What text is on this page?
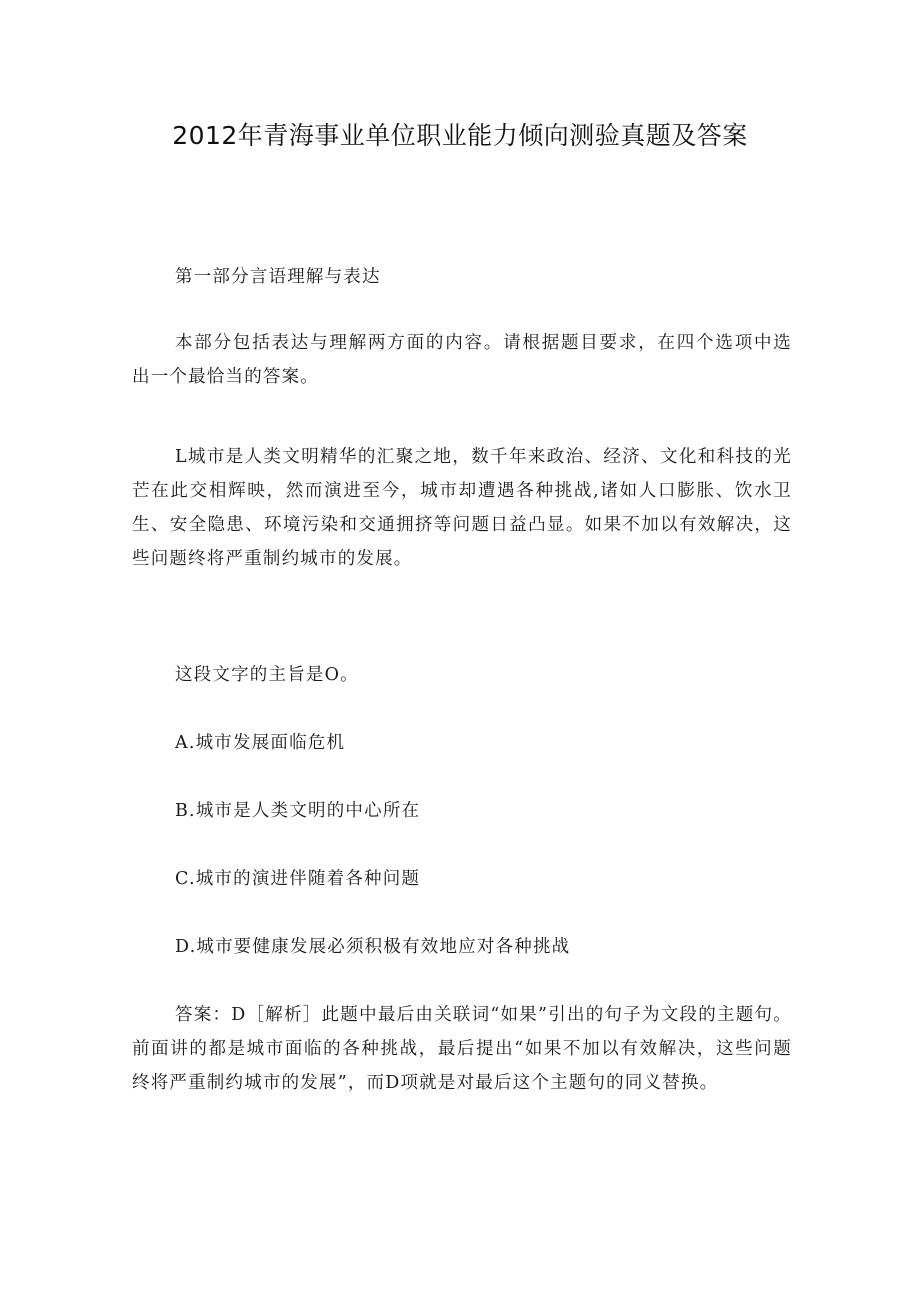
2012年青海事业单位职业能力倾向测验真题及答案

第一部分言语理解与表达

本部分包括表达与理解两方面的内容。请根据题目要求，在四个选项中选出一个最恰当的答案。

L城市是人类文明精华的汇聚之地，数千年来政治、经济、文化和科技的光芒在此交相辉映，然而演进至今，城市却遭遇各种挑战,诸如人口膨胀、饮水卫生、安全隐患、环境污染和交通拥挤等问题日益凸显。如果不加以有效解决，这些问题终将严重制约城市的发展。

这段文字的主旨是O。

A.城市发展面临危机

B.城市是人类文明的中心所在

C.城市的演进伴随着各种问题

D.城市要健康发展必须积极有效地应对各种挑战

答案：D［解析］此题中最后由关联词“如果”引出的句子为文段的主题句。前面讲的都是城市面临的各种挑战，最后提出“如果不加以有效解决，这些问题终将严重制约城市的发展”，而D项就是对最后这个主题句的同义替换。
